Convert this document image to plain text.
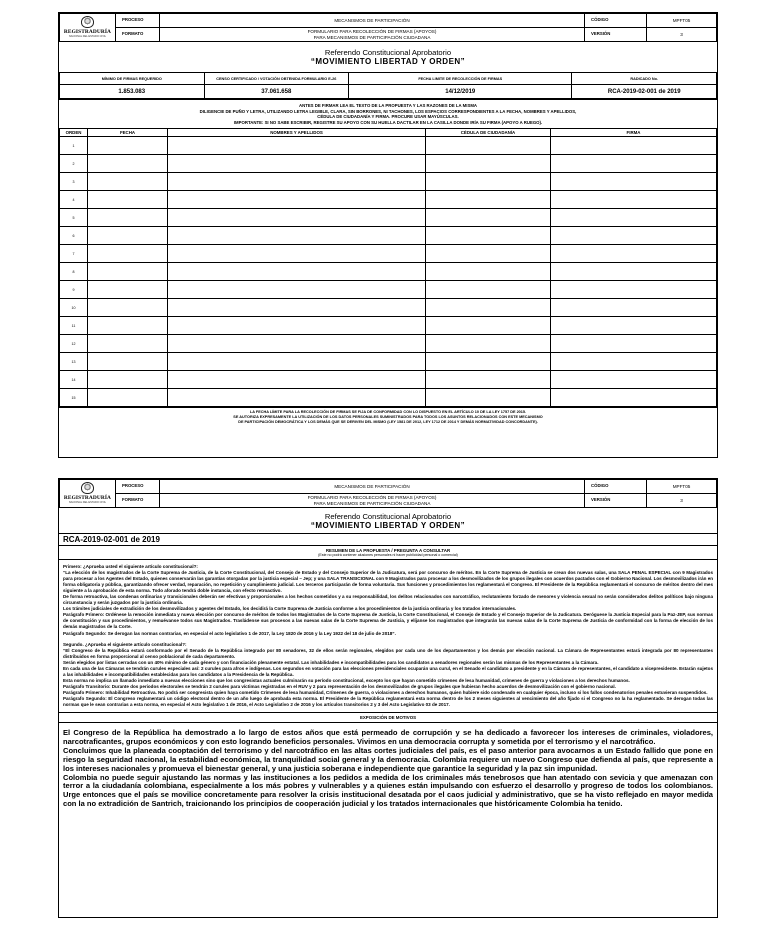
REGISTRADURÍA
NACIONAL DEL ESTADO CIVIL	PROCESO	MECANISMOS DE PARTICIPACIÓN	CÓDIGO	MPFT05
	FORMATO	FORMULARIO PARA RECOLECCIÓN DE FIRMAS (APOYOS)
PARA MECANISMOS DE PARTICIPACIÓN CIUDADANA	VERSIÓN	3
Referendo Constitucional Aprobatorio
“MOVIMIENTO LIBERTAD Y ORDEN”
MÍNIMO DE FIRMAS REQUERIDO	CENSO CERTIFICADO / VOTACIÓN OBTENIDA FORMULARIO E-26	FECHA LIMITE DE RECOLECCIÓN DE FIRMAS	RADICADO No.
1.853.083	37.061.658	14/12/2019	RCA-2019-02-001 de 2019
ANTES DE FIRMAR LEA EL TEXTO DE LA PROPUESTA Y LAS RAZONES DE LA MISMA
DILIGENCIE DE PUÑO Y LETRA, UTILIZANDO LETRA LEGIBLE, CLARA, SIN BORRONES, NI TACHONES, LOS ESPACIOS CORRESPONDIENTES A LA FECHA, NOMBRES Y APELLIDOS,
CÉDULA DE CIUDADANÍA Y FIRMA. PROCURE USAR MAYÚSCULAS.
IMPORTANTE: SI NO SABE ESCRIBIR, REGISTRE SU APOYO CON SU HUELLA DACTILAR EN LA CASILLA DONDE IRÍA SU FIRMA (APOYO A RUEGO).
ORDEN	FECHA	NOMBRES Y APELLIDOS	CÉDULA DE CIUDADANÍA	FIRMA
1				
2				
3				
4				
5				
6				
7				
8				
9				
10				
11				
12				
13				
14				
15				
LA FECHA LÍMITE PARA LA RECOLECCIÓN DE FIRMAS SE FIJA DE CONFORMIDAD CON LO DISPUESTO EN EL ARTÍCULO 10 DE LA LEY 1757 DE 2015.
SE AUTORIZA EXPRESAMENTE LA UTILIZACIÓN DE LOS DATOS PERSONALES SUMINISTRADOS PARA TODOS LOS ASUNTOS RELACIONADOS CON ESTE MECANISMO
DE PARTICIPACIÓN DEMOCRÁTICA Y LOS DEMÁS QUE SE DERIVEN DEL MISMO (LEY 1581 DE 2012, LEY 1712 DE 2014 Y DEMÁS NORMATIVIDAD CONCORDANTE).
REGISTRADURÍA
NACIONAL DEL ESTADO CIVIL	PROCESO	MECANISMOS DE PARTICIPACIÓN	CÓDIGO	MPFT05
	FORMATO	FORMULARIO PARA RECOLECCIÓN DE FIRMAS (APOYOS)
PARA MECANISMOS DE PARTICIPACIÓN CIUDADANA	VERSIÓN	3
Referendo Constitucional Aprobatorio
“MOVIMIENTO LIBERTAD Y ORDEN”
RCA-2019-02-001 de 2019
RESUMEN DE LA PROPUESTA / PREGUNTA A CONSULTAR
(Este no podrá contener alusiones personales ni hacer publicidad personal o comercial)

Primero: ¿Aprueba usted el siguiente artículo constitucional?:

“La elección de los magistrados de la Corte Suprema de Justicia, de la Corte Constitucional, del Consejo de Estado y del Consejo Superior de la Judicatura, será por concurso de méritos. En la Corte Suprema de Justicia se crean dos nuevas salas, una SALA PENAL ESPECIAL con 9 Magistrados para procesar a los Agentes del Estado, quienes conservarán las garantías otorgadas por la justicia especial – Jep; y una SALA TRANSICIONAL con 9 Magistrados para procesar a los desmovilizados de los grupos ilegales con acuerdos pactados con el Gobierno Nacional. Los desmovilizados irán en forma obligatoria y pública, garantizando ofrecer verdad, reparación, no repetición y cumplimiento judicial. Los terceros participarán de forma voluntaria. Sus funciones y procedimientos los reglamentará el Congreso. El Presidente de la República reglamentará el concurso de méritos dentro del mes siguiente a la aprobación de esta norma. Todo aforado tendrá doble instancia, con efecto retroactivo.

De forma retroactiva, las condenas ordinarias y transicionales deberán ser efectivas y proporcionales a los hechos cometidos y a su responsabilidad, los delitos relacionados con narcotráfico, reclutamiento forzado de menores y violencia sexual no serán considerados delitos políticos bajo ninguna circunstancia y serán juzgados por la justicia ordinaria.

Los trámites judiciales de extradición de los desmovilizados y agentes del Estado, los decidirá la Corte Suprema de Justicia conforme a los procedimientos de la justicia ordinaria y los tratados internacionales.

Parágrafo Primero: Ordénese la remoción inmediata y nueva elección por concurso de méritos de todos los Magistrados de la Corte Suprema de Justicia, la Corte Constitucional, el Consejo de Estado y el Consejo Superior de la Judicatura. Deróguese la Justicia Especial para la Paz-JEP, sus normas de constitución y sus procedimientos, y remuévanse todos sus Magistrados. Trasládense sus procesos a las nuevas salas de la Corte Suprema de Justicia, y elíjanse los magistrados que integrarán las nuevas salas de la Corte Suprema de Justicia de conformidad con la forma de elección de los demás magistrados de la Corte.

Parágrafo Segundo: Se derogan las normas contrarias, en especial el acto legislativo 1 de 2017, la Ley 1820 de 2016 y la Ley 1922 del 18 de julio de 2018”.

Segundo. ¿Aprueba el siguiente artículo constitucional?:

“El Congreso de la República estará conformado por el Senado de la República integrado por 80 senadores, 32 de ellos serán regionales, elegidos por cada uno de los departamentos y los demás por elección nacional. La Cámara de Representantes estará integrada por 80 representantes distribuidos en forma proporcional al censo poblacional de cada departamento.

Serán elegidos por listas cerradas con un 40% mínimo de cada género y con financiación plenamente estatal. Las inhabilidades e incompatibilidades para los candidatos a senadores regionales serán las mismas de los Representantes a la Cámara.

En cada una de las Cámaras se tendrán curules especiales así: 2 curules para afros e indígenas. Los segundos en votación para las elecciones presidenciales ocuparán una curul, en el Senado el candidato a presidente y en la Cámara de representantes, el candidato a vicepresidente. Estarán sujetos a las inhabilidades e incompatibilidades establecidas para los candidatos a la Presidencia de la República.

Esta norma no implica un llamado inmediato a nuevas elecciones sino que los congresistas actuales culminarán su período constitucional, excepto los que hayan cometido crímenes de lesa humanidad, crímenes de guerra y violaciones a los derechos humanos.

Parágrafo Transitorio: Durante dos periodos electorales se tendrán 2 curules para víctimas registradas en el RUV y 2 para representación de los desmovilizados de grupos ilegales que hubieran hecho acuerdos de desmovilización con el gobierno nacional.

Parágrafo Primero: Inhabilidad Retroactiva. No podrá ser congresista quien haya cometido Crímenes de lesa humanidad, Crímenes de guerra, o violaciones a derechos humanos, quien hubiere sido condenado en cualquier época, incluso si los fallos condenatorios penales estuvieran suspendidos.

Parágrafo Segundo: El Congreso reglamentará un código electoral dentro de un año luego de aprobada esta norma. El Presidente de la República reglamentará esta norma dentro de los 2 meses siguientes al vencimiento del año fijado si el Congreso no la ha reglamentado. Se derogan todas las normas que le sean contrarias a esta norma, en especial el Acto legislativo 1 de 2016, el Acto Legislativo 2 de 2016 y los artículos transitorios 2 y 3 del Acto Legislativo 03 de 2017.

EXPOSICIÓN DE MOTIVOS

El Congreso de la República ha demostrado a lo largo de estos años que está permeado de corrupción y se ha dedicado a favorecer los intereses de criminales, violadores, narcotraficantes, grupos económicos y con esto logrando beneficios personales. Vivimos en una democracia corrupta y sometida por el terrorismo y el narcotráfico.

Concluimos que la planeada cooptación del terrorismo y del narcotráfico en las altas cortes judiciales del país, es el paso anterior para avocarnos a un Estado fallido que pone en riesgo la seguridad nacional, la estabilidad económica, la tranquilidad social general y la democracia. Colombia requiere un nuevo Congreso que defienda al país, que represente a los intereses nacionales y promueva el bienestar general, y una justicia soberana e independiente que garantice la seguridad y la paz sin impunidad.

Colombia no puede seguir ajustando las normas y las instituciones a los pedidos a medida de los criminales más tenebrosos que han atentado con sevicia y que amenazan con terror a la ciudadanía colombiana, especialmente a los más pobres y vulnerables y a quienes están impulsando con esfuerzo el desarrollo y progreso de todos los colombianos. Urge entonces que el país se movilice concretamente para resolver la crisis institucional desatada por el caos judicial y administrativo, que se ha visto reflejado en mayor medida con la no extradición de Santrich, traicionando los principios de cooperación judicial y los tratados internacionales que históricamente Colombia ha tenido.
